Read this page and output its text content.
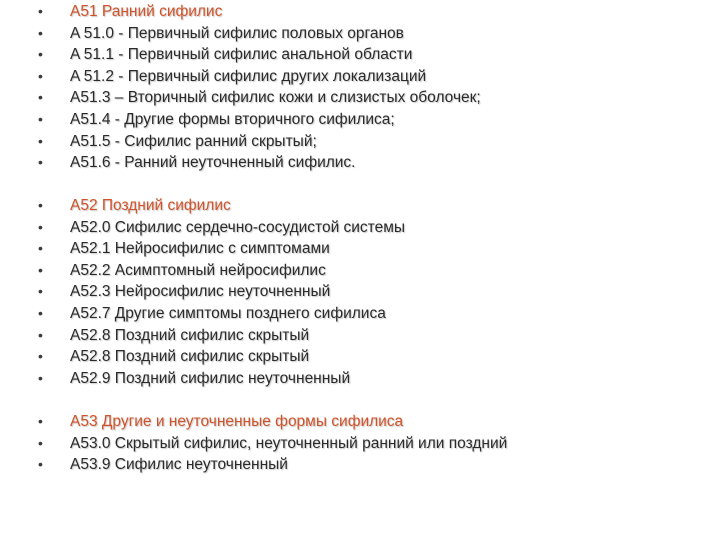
•	A51 Ранний сифилис
•	A 51.0 - Первичный сифилис половых органов
•	A 51.1 - Первичный сифилис анальной области
•	A 51.2 - Первичный сифилис других локализаций
•	A51.3 – Вторичный сифилис кожи и слизистых оболочек;
•	A51.4 - Другие формы вторичного сифилиса;
•	A51.5 - Сифилис ранний скрытый;
•	A51.6 - Ранний неуточненный сифилис.
•	A52 Поздний сифилис
•	A52.0 Сифилис сердечно-сосудистой системы
•	A52.1 Нейросифилис с симптомами
•	A52.2 Асимптомный нейросифилис
•	A52.3 Нейросифилис неуточненный
•	A52.7 Другие симптомы позднего сифилиса
•	A52.8 Поздний сифилис скрытый
•	A52.8 Поздний сифилис скрытый
•	A52.9 Поздний сифилис неуточненный
•	A53 Другие и неуточненные формы сифилиса
•	A53.0 Скрытый сифилис, неуточненный ранний или поздний
•	A53.9 Сифилис неуточненный
